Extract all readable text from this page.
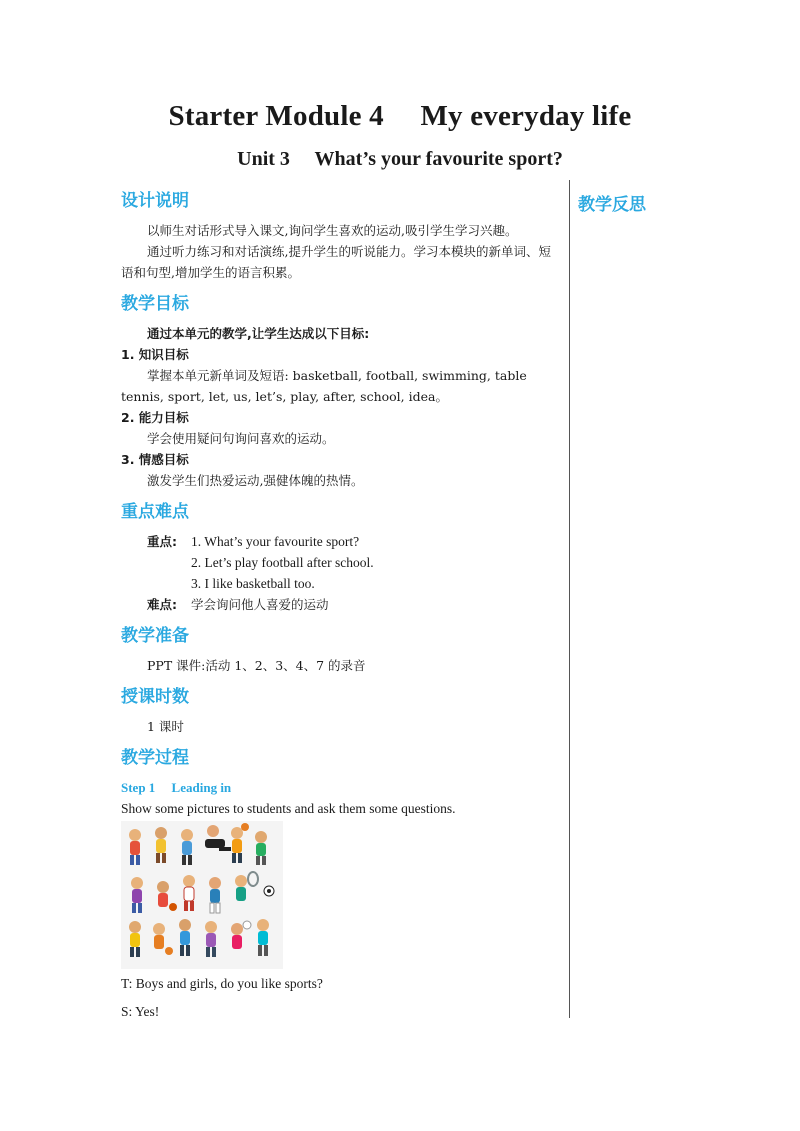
Starter Module 4  My everyday life
Unit 3  What’s your favourite sport?
教学反思
设计说明

以师生对话形式导入课文,询问学生喜欢的运动,吸引学生学习兴趣。

通过听力练习和对话演练,提升学生的听说能力。学习本模块的新单词、短语和句型,增加学生的语言积累。

教学目标
通过本单元的教学,让学生达成以下目标:
1. 知识目标

掌握本单元新单词及短语: basketball, football, swimming, table tennis, sport, let, us, let’s, play, after, school, idea。

2. 能力目标

学会使用疑问句询问喜欢的运动。

3. 情感目标

激发学生们热爱运动,强健体魄的热情。

重点难点
重点:	1. What’s your favourite sport?
2. Let’s play football after school.
3. I like basketball too.
难点:	学会询问他人喜爱的运动
教学准备

PPT 课件:活动 1、2、3、4、7 的录音

授课时数

1 课时

教学过程
Step 1  Leading in
Show some pictures to students and ask them some questions.
T: Boys and girls, do you like sports?
S: Yes!
